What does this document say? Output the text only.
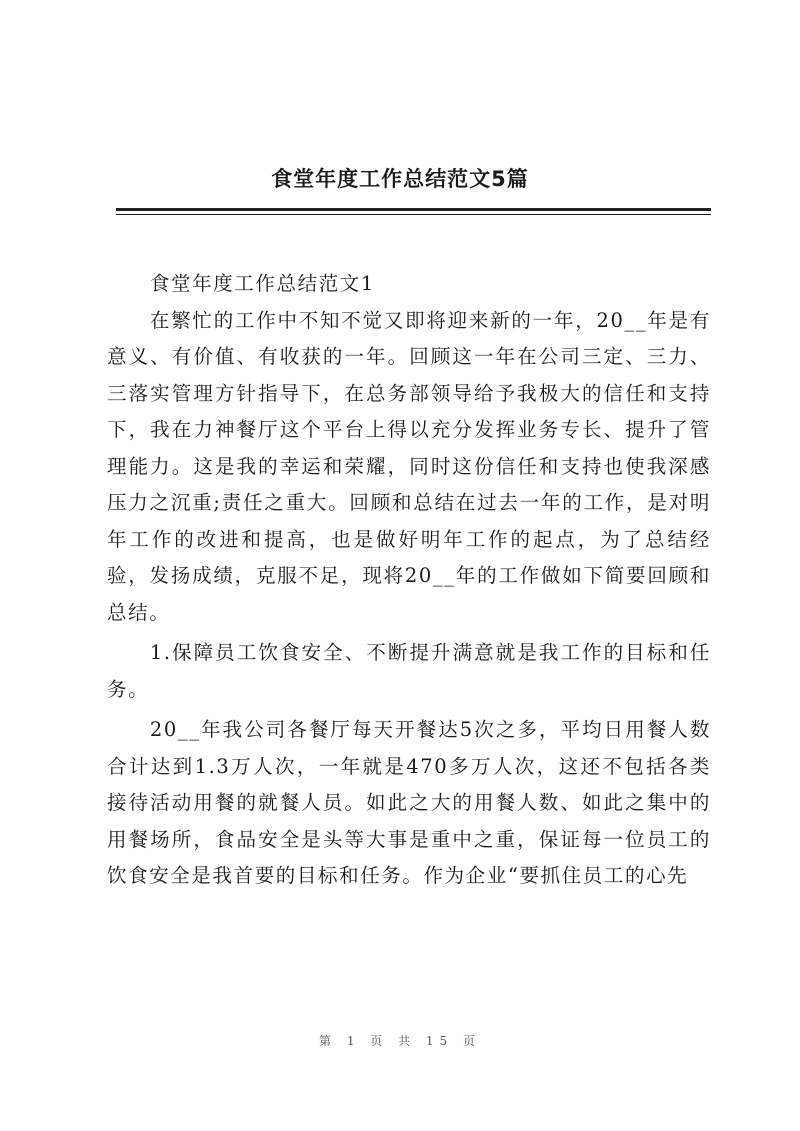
食堂年度工作总结范文5篇

食堂年度工作总结范文1

在繁忙的工作中不知不觉又即将迎来新的一年，20__年是有意义、有价值、有收获的一年。回顾这一年在公司三定、三力、三落实管理方针指导下，在总务部领导给予我极大的信任和支持下，我在力神餐厅这个平台上得以充分发挥业务专长、提升了管理能力。这是我的幸运和荣耀，同时这份信任和支持也使我深感压力之沉重;责任之重大。回顾和总结在过去一年的工作，是对明年工作的改进和提高，也是做好明年工作的起点，为了总结经验，发扬成绩，克服不足，现将20__年的工作做如下简要回顾和总结。

1.保障员工饮食安全、不断提升满意就是我工作的目标和任务。

20__年我公司各餐厅每天开餐达5次之多，平均日用餐人数合计达到1.3万人次，一年就是470多万人次，这还不包括各类接待活动用餐的就餐人员。如此之大的用餐人数、如此之集中的用餐场所，食品安全是头等大事是重中之重，保证每一位员工的饮食安全是我首要的目标和任务。作为企业“要抓住员工的心先

第 1 页 共 15 页
